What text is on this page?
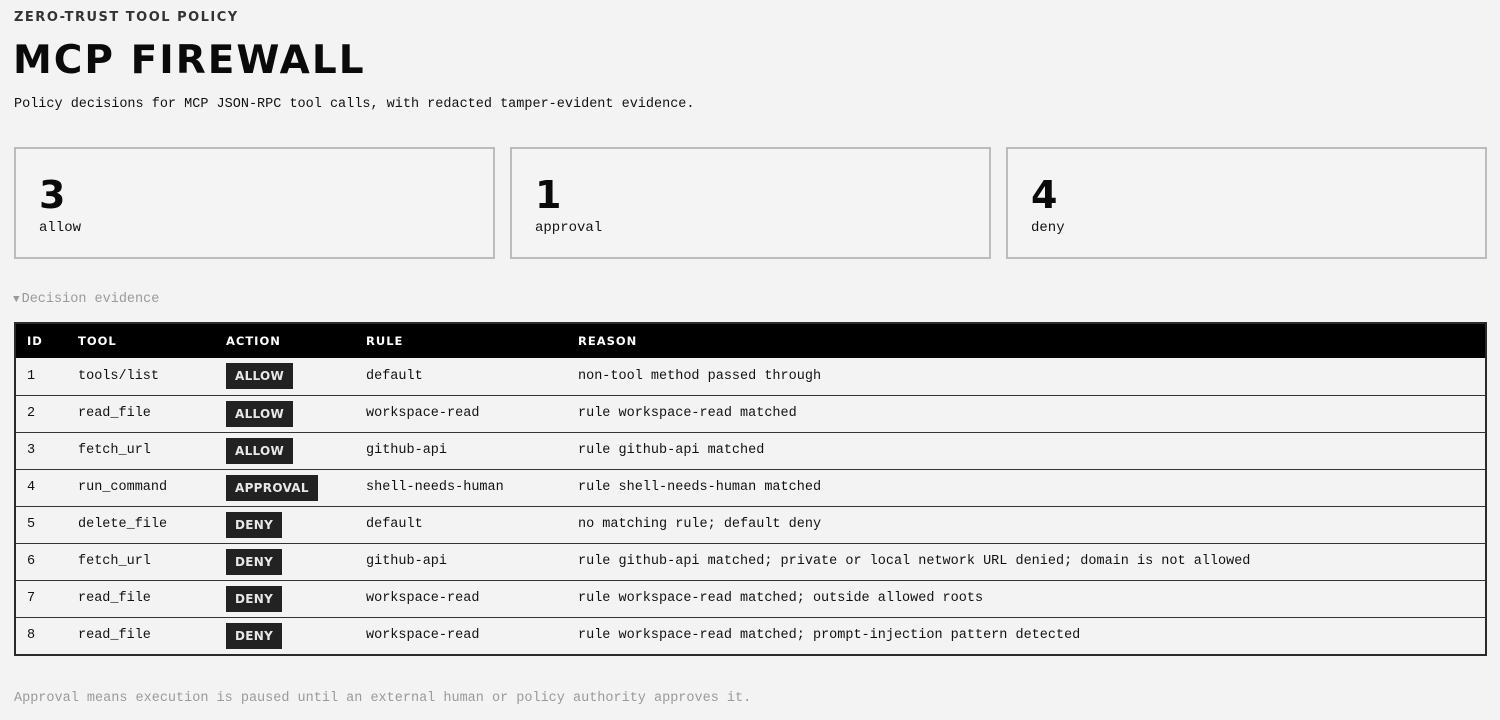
ZERO-TRUST TOOL POLICY
MCP FIREWALL
Policy decisions for MCP JSON-RPC tool calls, with redacted tamper-evident evidence.
3
allow
1
approval
4
deny
▼ Decision evidence
ID	TOOL	ACTION	RULE	REASON
1	tools/list	ALLOW	default	non-tool method passed through
2	read_file	ALLOW	workspace-read	rule workspace-read matched
3	fetch_url	ALLOW	github-api	rule github-api matched
4	run_command	APPROVAL	shell-needs-human	rule shell-needs-human matched
5	delete_file	DENY	default	no matching rule; default deny
6	fetch_url	DENY	github-api	rule github-api matched; private or local network URL denied; domain is not allowed
7	read_file	DENY	workspace-read	rule workspace-read matched; outside allowed roots
8	read_file	DENY	workspace-read	rule workspace-read matched; prompt-injection pattern detected
Approval means execution is paused until an external human or policy authority approves it.
